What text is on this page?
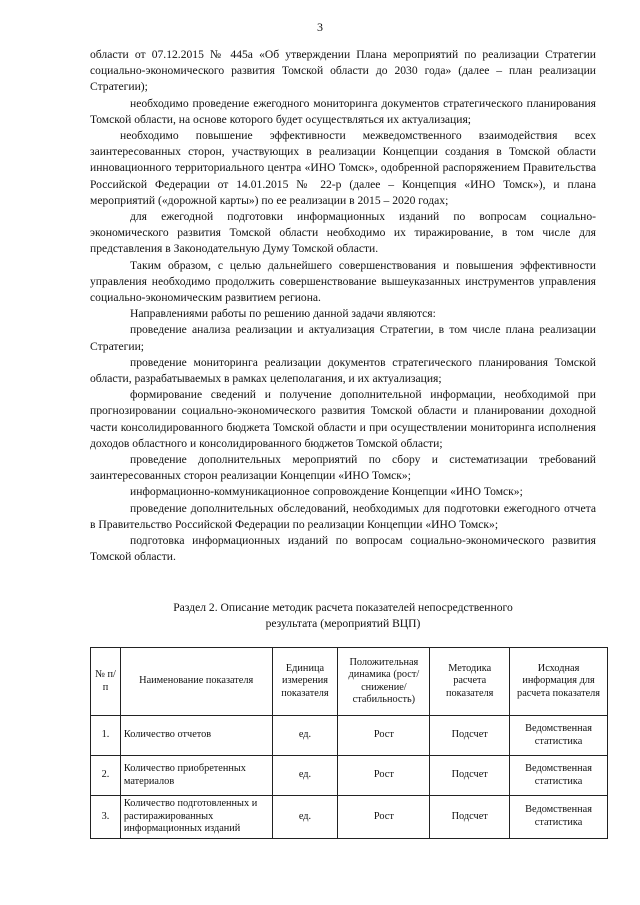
3

области от 07.12.2015 № 445а «Об утверждении Плана мероприятий по реализации Стратегии социально-экономического развития Томской области до 2030 года» (далее – план реализации Стратегии);

необходимо проведение ежегодного мониторинга документов стратегического планирования Томской области, на основе которого будет осуществляться их актуализация;

необходимо повышение эффективности межведомственного взаимодействия всех заинтересованных сторон, участвующих в реализации Концепции создания в Томской области инновационного территориального центра «ИНО Томск», одобренной распоряжением Правительства Российской Федерации от 14.01.2015 № 22-р (далее – Концепция «ИНО Томск»), и плана мероприятий («дорожной карты») по ее реализации в 2015 – 2020 годах;

для ежегодной подготовки информационных изданий по вопросам социально-экономического развития Томской области необходимо их тиражирование, в том числе для представления в Законодательную Думу Томской области.

Таким образом, с целью дальнейшего совершенствования и повышения эффективности управления необходимо продолжить совершенствование вышеуказанных инструментов управления социально-экономическим развитием региона.

Направлениями работы по решению данной задачи являются:

проведение анализа реализации и актуализация Стратегии, в том числе плана реализации Стратегии;

проведение мониторинга реализации документов стратегического планирования Томской области, разрабатываемых в рамках целеполагания, и их актуализация;

формирование сведений и получение дополнительной информации, необходимой при прогнозировании социально-экономического развития Томской области и планировании доходной части консолидированного бюджета Томской области и при осуществлении мониторинга исполнения доходов областного и консолидированного бюджетов Томской области;

проведение дополнительных мероприятий по сбору и систематизации требований заинтересованных сторон реализации Концепции «ИНО Томск»;

информационно-коммуникационное сопровождение Концепции «ИНО Томск»;

проведение дополнительных обследований, необходимых для подготовки ежегодного отчета в Правительство Российской Федерации по реализации Концепции «ИНО Томск»;

подготовка информационных изданий по вопросам социально-экономического развития Томской области.

Раздел 2. Описание методик расчета показателей непосредственного
результата (мероприятий ВЦП)
№ п/п	Наименование показателя	Единица измерения показателя	Положительная динамика (рост/снижение/ стабильность)	Методика расчета показателя	Исходная информация для расчета показателя
1.	Количество отчетов	ед.	Рост	Подсчет	Ведомственная статистика
2.	Количество приобретенных материалов	ед.	Рост	Подсчет	Ведомственная статистика
3.	Количество подготовленных и растиражированных информационных изданий	ед.	Рост	Подсчет	Ведомственная статистика
